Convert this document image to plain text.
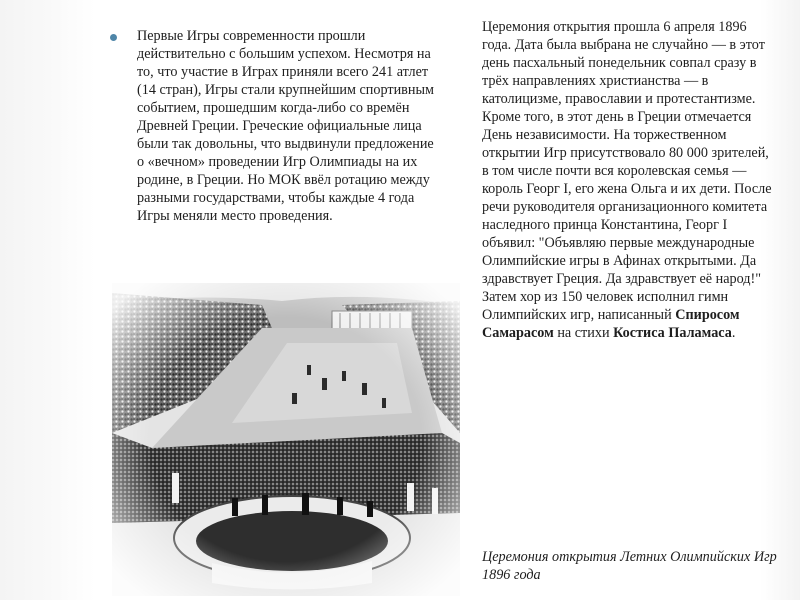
Первые Игры современности прошли действительно с большим успехом. Несмотря на то, что участие в Играх приняли всего 241 атлет (14 стран), Игры стали крупнейшим спортивным событием, прошедшим когда-либо со времён Древней Греции. Греческие официальные лица были так довольны, что выдвинули предложение о «вечном» проведении Игр Олимпиады на их родине, в Греции. Но МОК ввёл ротацию между разными государствами, чтобы каждые 4 года Игры меняли место проведения.

Церемония открытия прошла 6 апреля 1896 года. Дата была выбрана не случайно — в этот день пасхальный понедельник совпал сразу в трёх направлениях христианства — в католицизме, православии и протестантизме. Кроме того, в этот день в Греции отмечается День независимости. На торжественном открытии Игр присутствовало 80 000 зрителей, в том числе почти вся королевская семья — король Георг I, его жена Ольга и их дети. После речи руководителя организационного комитета наследного принца Константина, Георг I объявил: "Объявляю первые международные Олимпийские игры в Афинах открытыми. Да здравствует Греция. Да здравствует её народ!"

Затем хор из 150 человек исполнил гимн Олимпийских игр, написанный Спиросом Самарасом на стихи Костиса Паламаса.

Церемония открытия Летних Олимпийских Игр 1896 года
